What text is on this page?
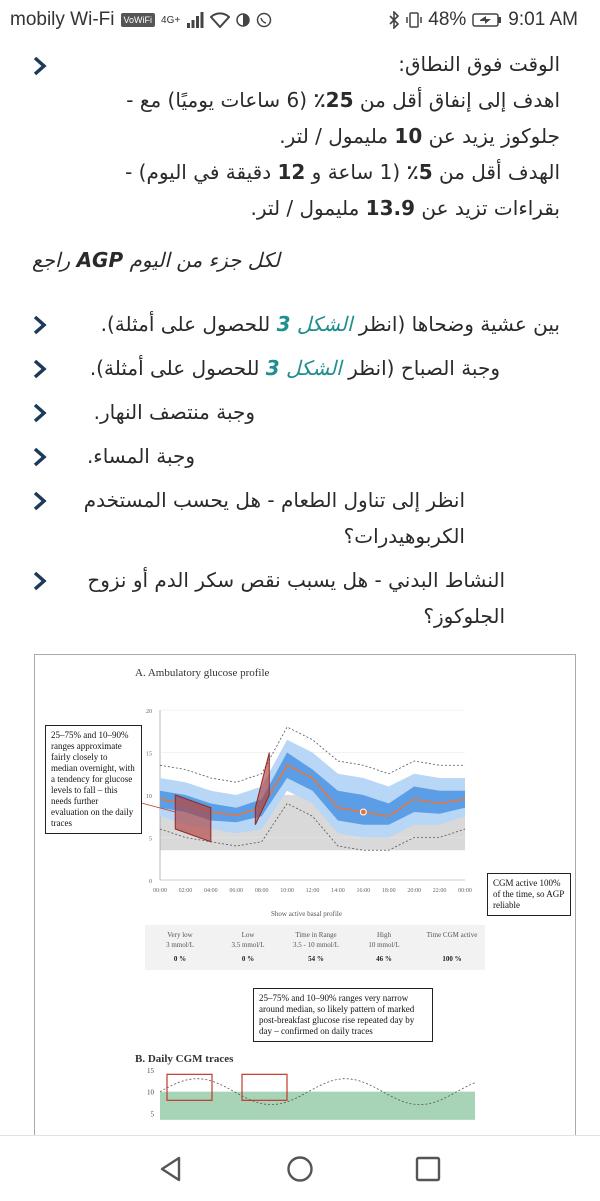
mobily Wi-Fi	VoWiFi 4G+	48% 9:01 AM
الوقت فوق النطاق:
اهدف إلى إنفاق أقل من 25٪ (6 ساعات يوميًا) مع -
جلوكوز يزيد عن 10 مليمول / لتر.
الهدف أقل من 5٪ (1 ساعة و 12 دقيقة في اليوم) -
بقراءات تزيد عن 13.9 مليمول / لتر.
لكل جزء من اليوم AGP راجع
بين عشية وضحاها (انظر الشكل 3 للحصول على أمثلة).
وجبة الصباح (انظر الشكل 3 للحصول على أمثلة).
وجبة منتصف النهار.
وجبة المساء.
انظر إلى تناول الطعام - هل يحسب المستخدم
الكربوهيدرات؟
النشاط البدني - هل يسبب نقص سكر الدم أو نزوح
الجلوكوز؟
A. Ambulatory glucose profile
0
5
10
15
20
00:00 02:00 04:00 06:00 08:00 10:00 12:00 14:00 16:00 18:00 20:00 22:00 00:00
Show active basal profile
25–75% and 10–90% ranges approximate fairly closely to median overnight, with a tendency for glucose levels to fall – this needs further evaluation on the daily traces
CGM active 100% of the time, so AGP reliable
Very low
3 mmol/L
0 %
Low
3.5 mmol/L
0 %
Time in Range
3.5 - 10 mmol/L
54 %
High
10 mmol/L
46 %
Time CGM active
100 %
25–75% and 10–90% ranges very narrow around median, so likely pattern of marked post-breakfast glucose rise repeated day by day – confirmed on daily traces
B. Daily CGM traces
5
10
15
